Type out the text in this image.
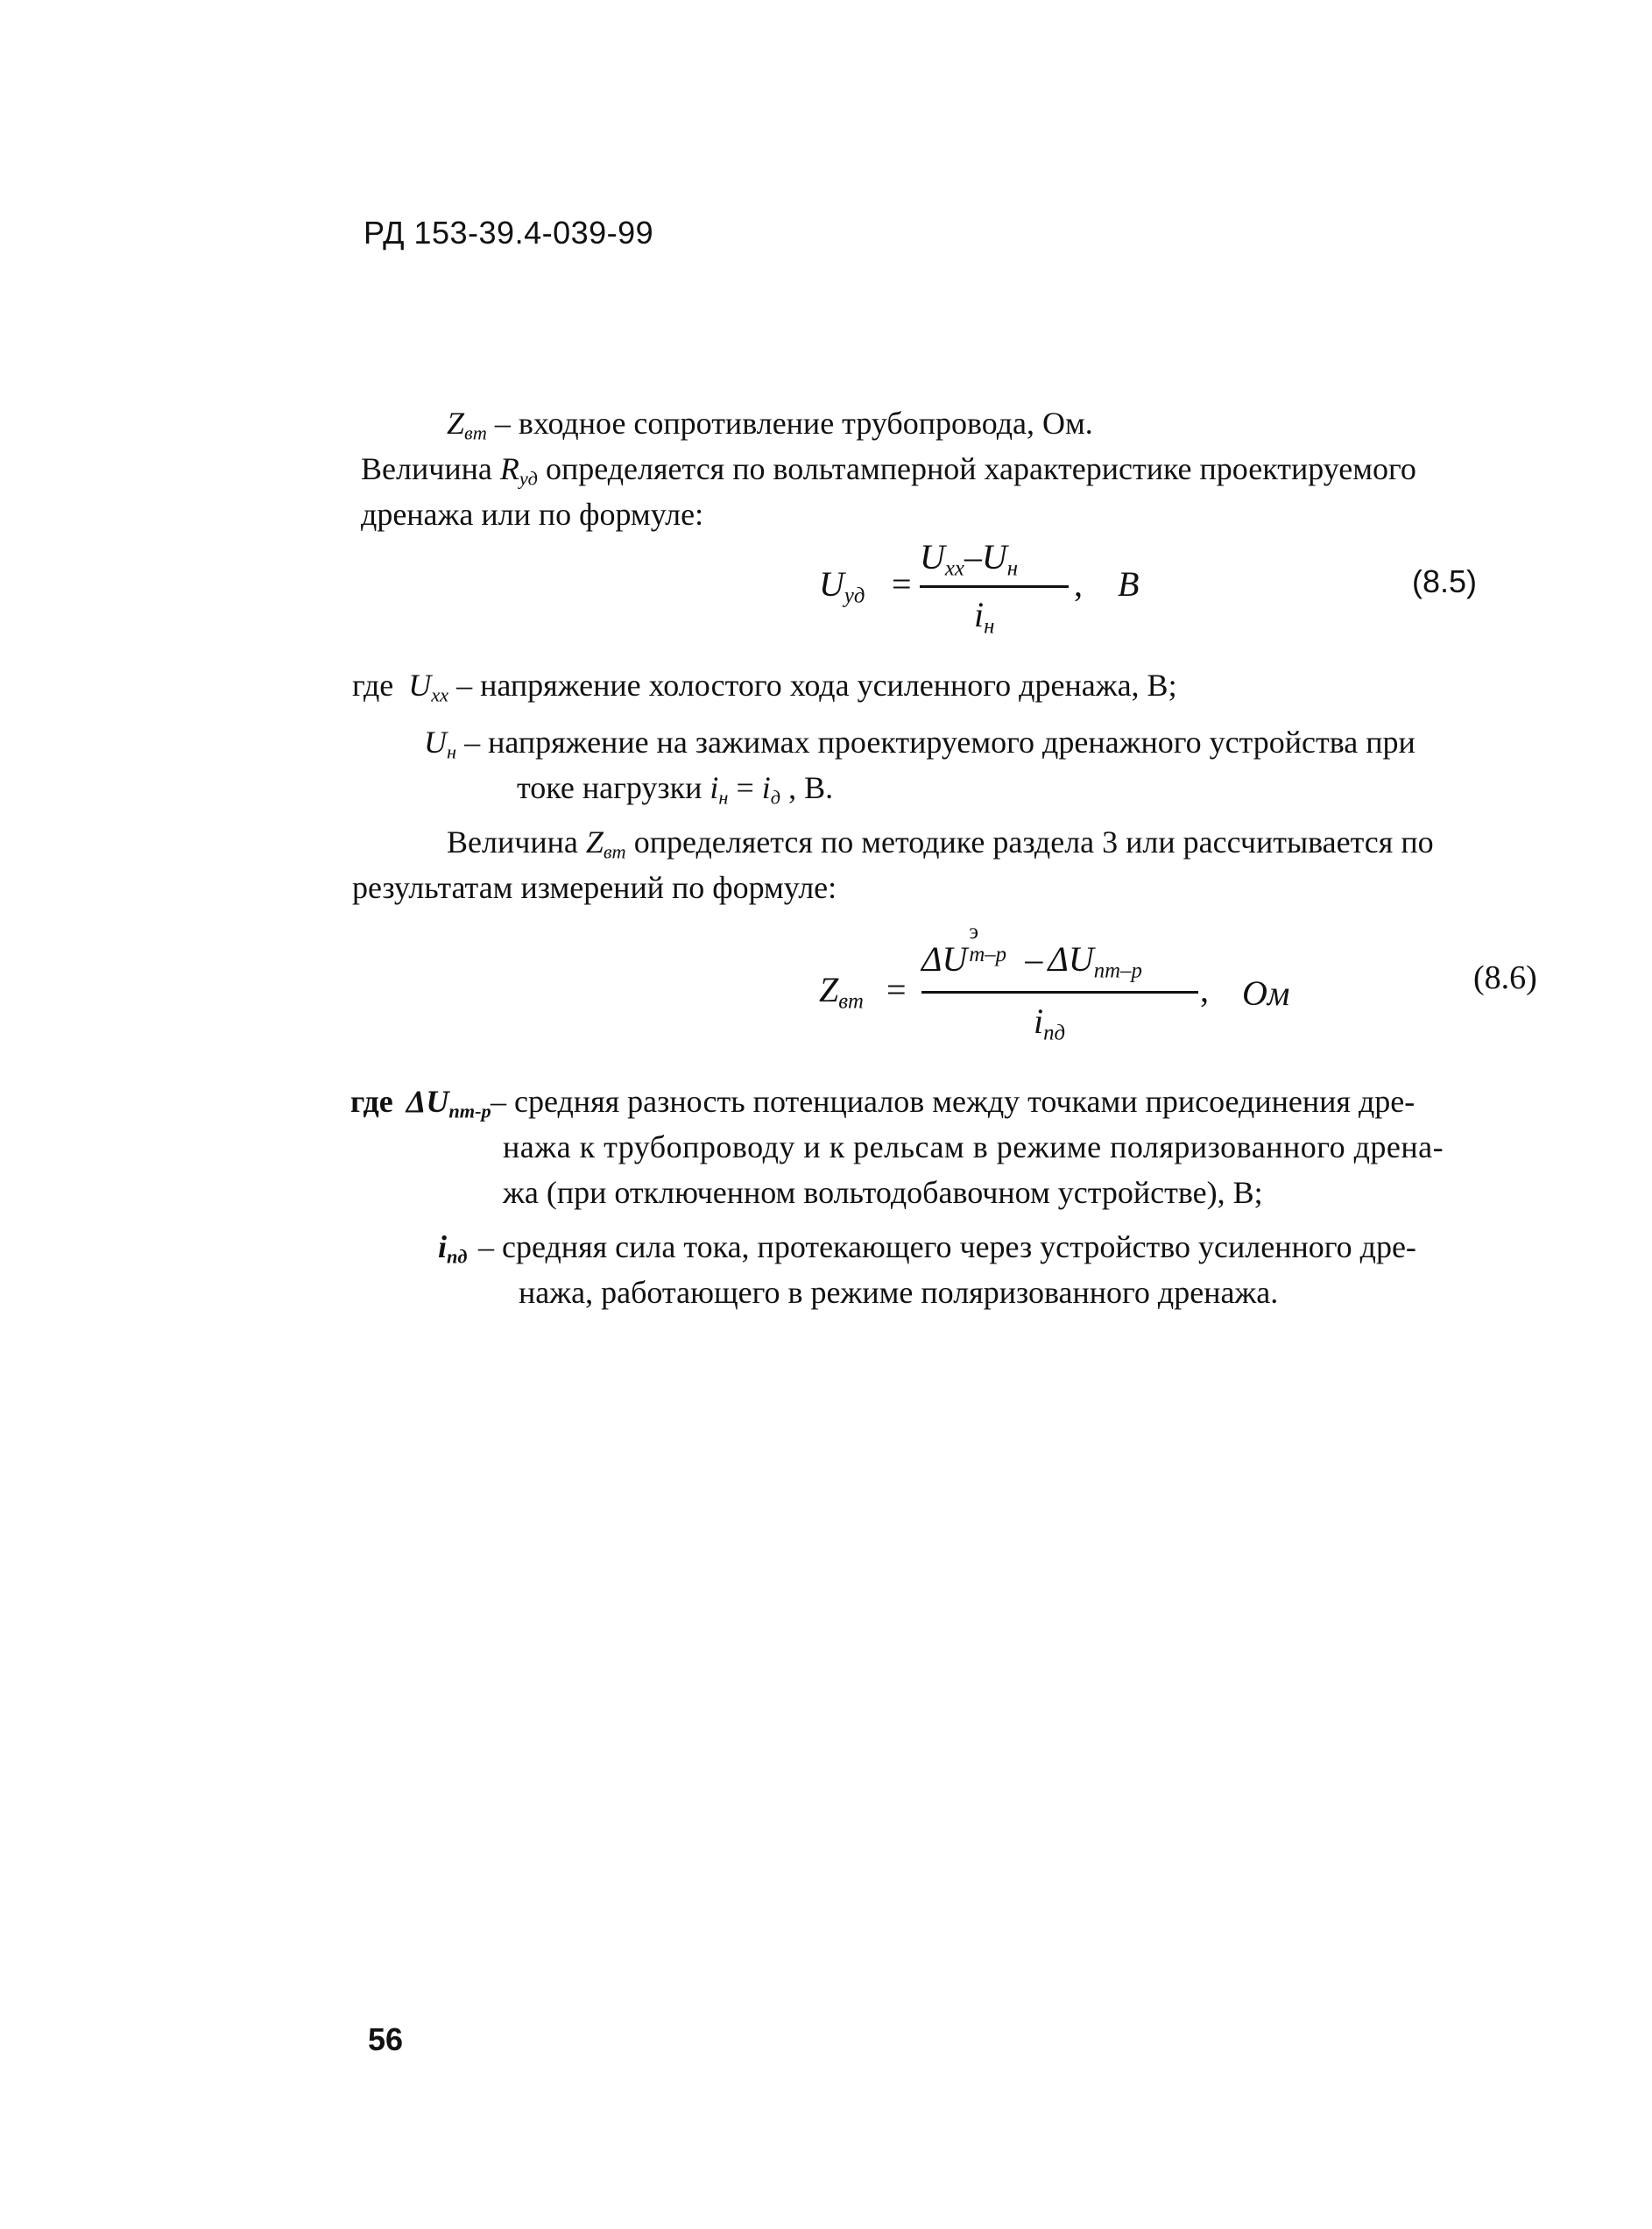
РД 153-39.4-039-99
$Z_{вт}$ – входное сопротивление трубопровода, Ом.
Величина $R_{уд}$ определяется по вольтамперной характеристике проектируемого
дренажа или по формуле:
$U_{уд}$ =
$U_{хх}-U_н$
$i_н$
, В	(8.5)
где $U_{хх}$ – напряжение холостого хода усиленного дренажа, В;
$U_н$ – напряжение на зажимах проектируемого дренажного устройства при
токе нагрузки $i_н = i_д$ , В.
Величина $Z_{вт}$ определяется по методике раздела 3 или рассчитывается по
результатам измерений по формуле:
$Z_{вт}$ =
ΔU
э
$т-р - \Delta U_{пт-р}$
$i_{пд}$
, Ом	(8.6)
где $\Delta U_{пт-р}$ – средняя разность потенциалов между точками присоединения дре-
нажа к трубопроводу и к рельсам в режиме поляризованного дрена-
жа (при отключенном вольтодобавочном устройстве), В;
$i_{пд}$ – средняя сила тока, протекающего через устройство усиленного дре-
нажа, работающего в режиме поляризованного дренажа.
56
